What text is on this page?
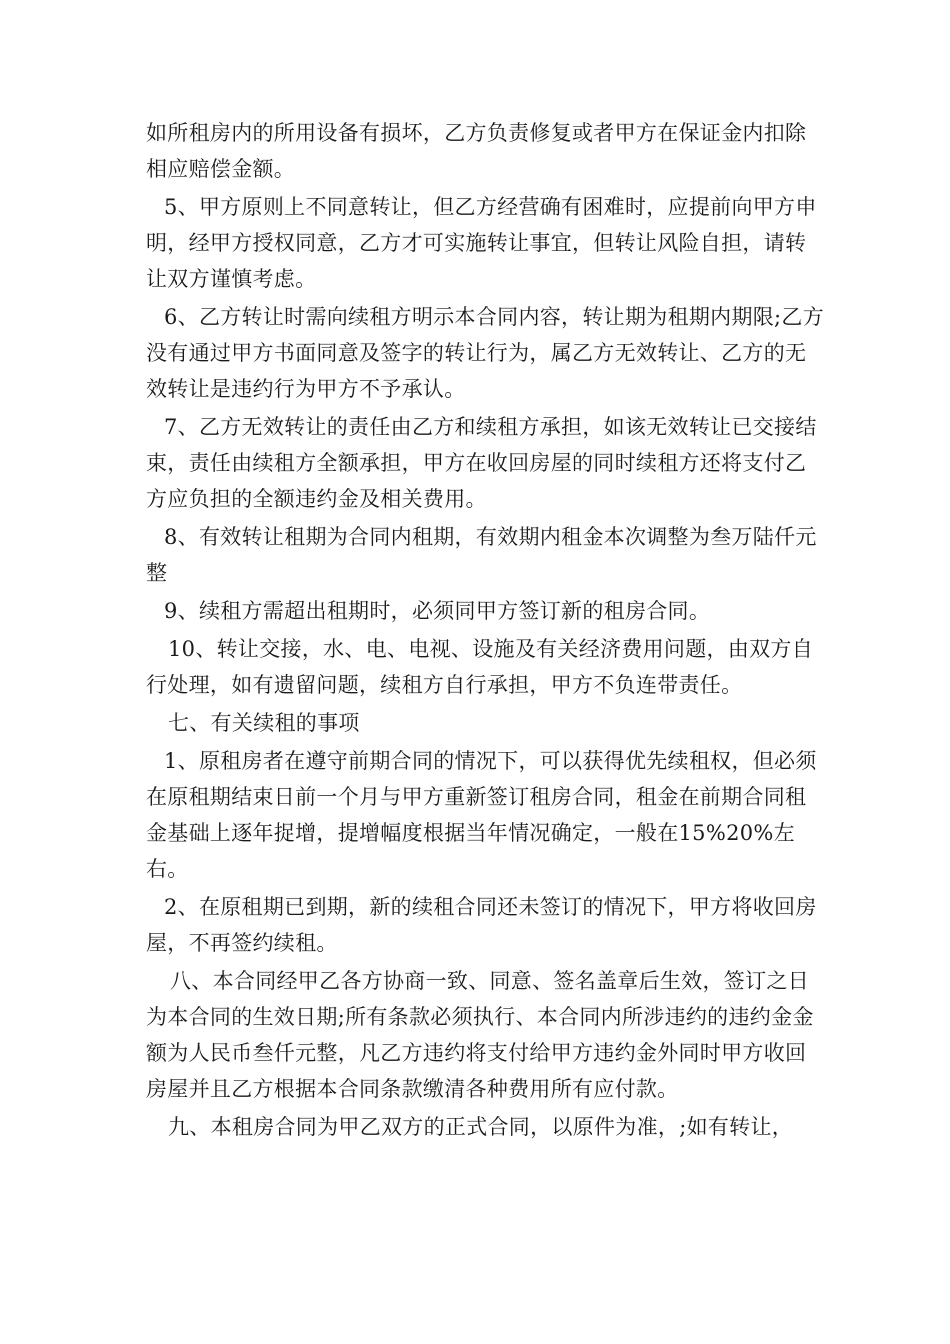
如所租房内的所用设备有损坏，乙方负责修复或者甲方在保证金内扣除相应赔偿金额。

5、甲方原则上不同意转让，但乙方经营确有困难时，应提前向甲方申明，经甲方授权同意，乙方才可实施转让事宜，但转让风险自担，请转让双方谨慎考虑。

6、乙方转让时需向续租方明示本合同内容，转让期为租期内期限;乙方没有通过甲方书面同意及签字的转让行为，属乙方无效转让、乙方的无效转让是违约行为甲方不予承认。

7、乙方无效转让的责任由乙方和续租方承担，如该无效转让已交接结束，责任由续租方全额承担，甲方在收回房屋的同时续租方还将支付乙方应负担的全额违约金及相关费用。

8、有效转让租期为合同内租期，有效期内租金本次调整为叁万陆仟元整

9、续租方需超出租期时，必须同甲方签订新的租房合同。

10、转让交接，水、电、电视、设施及有关经济费用问题，由双方自行处理，如有遗留问题，续租方自行承担，甲方不负连带责任。

七、有关续租的事项

1、原租房者在遵守前期合同的情况下，可以获得优先续租权，但必须在原租期结束日前一个月与甲方重新签订租房合同，租金在前期合同租金基础上逐年捉增，提增幅度根据当年情况确定，一般在15%20%左右。

2、在原租期已到期，新的续租合同还未签订的情况下，甲方将收回房屋，不再签约续租。

八、本合同经甲乙各方协商一致、同意、签名盖章后生效，签订之日为本合同的生效日期;所有条款必须执行、本合同内所涉违约的违约金金额为人民币叁仟元整，凡乙方违约将支付给甲方违约金外同时甲方收回房屋并且乙方根据本合同条款缴清各种费用所有应付款。

九、本租房合同为甲乙双方的正式合同，以原件为准，;如有转让，
